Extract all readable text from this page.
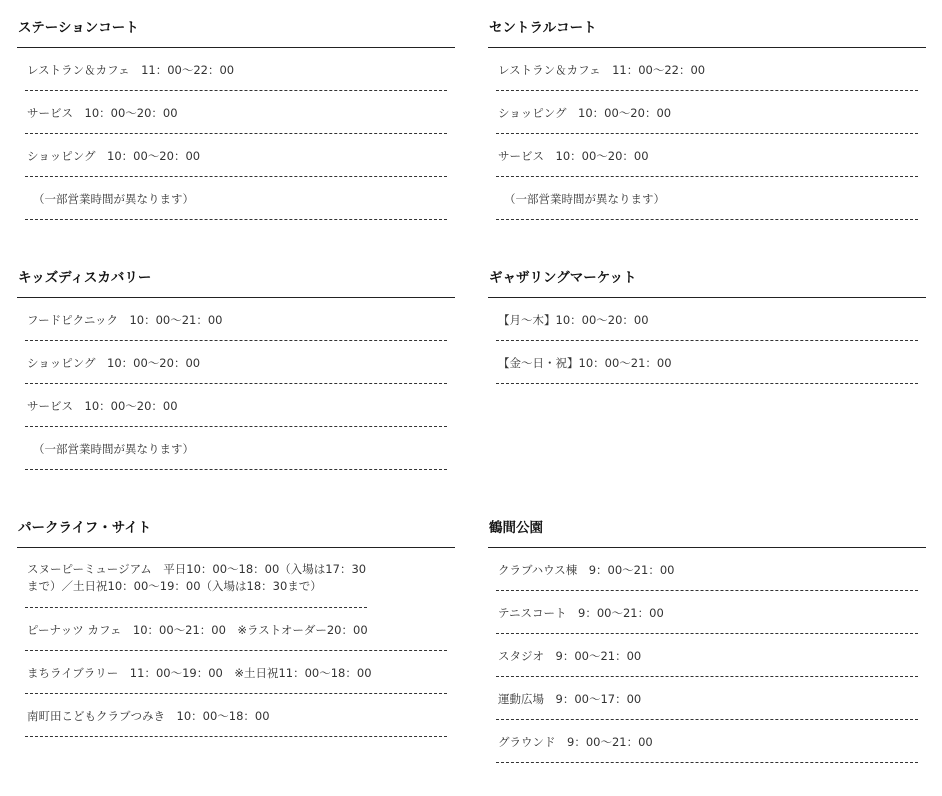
ステーションコート
レストラン＆カフェ　11：00〜22：00
サービス　10：00〜20：00
ショッピング　10：00〜20：00
（一部営業時間が異なります）
キッズディスカバリー
フードピクニック　10：00〜21：00
ショッピング　10：00〜20：00
サービス　10：00〜20：00
（一部営業時間が異なります）
パークライフ・サイト
スヌーピーミュージアム　平日10：00〜18：00（入場は17：30まで）／土日祝10：00〜19：00（入場は18：30まで）
ピーナッツ カフェ　10：00〜21：00　※ラストオーダー20：00
まちライブラリー　11：00〜19：00　※土日祝11：00〜18：00
南町田こどもクラブつみき　10：00〜18：00
セントラルコート
レストラン＆カフェ　11：00〜22：00
ショッピング　10：00〜20：00
サービス　10：00〜20：00
（一部営業時間が異なります）
ギャザリングマーケット
【月〜木】10：00〜20：00
【金〜日・祝】10：00〜21：00
鶴間公園
クラブハウス棟　9：00〜21：00
テニスコート　9：00〜21：00
スタジオ　9：00〜21：00
運動広場　9：00〜17：00
グラウンド　9：00〜21：00
